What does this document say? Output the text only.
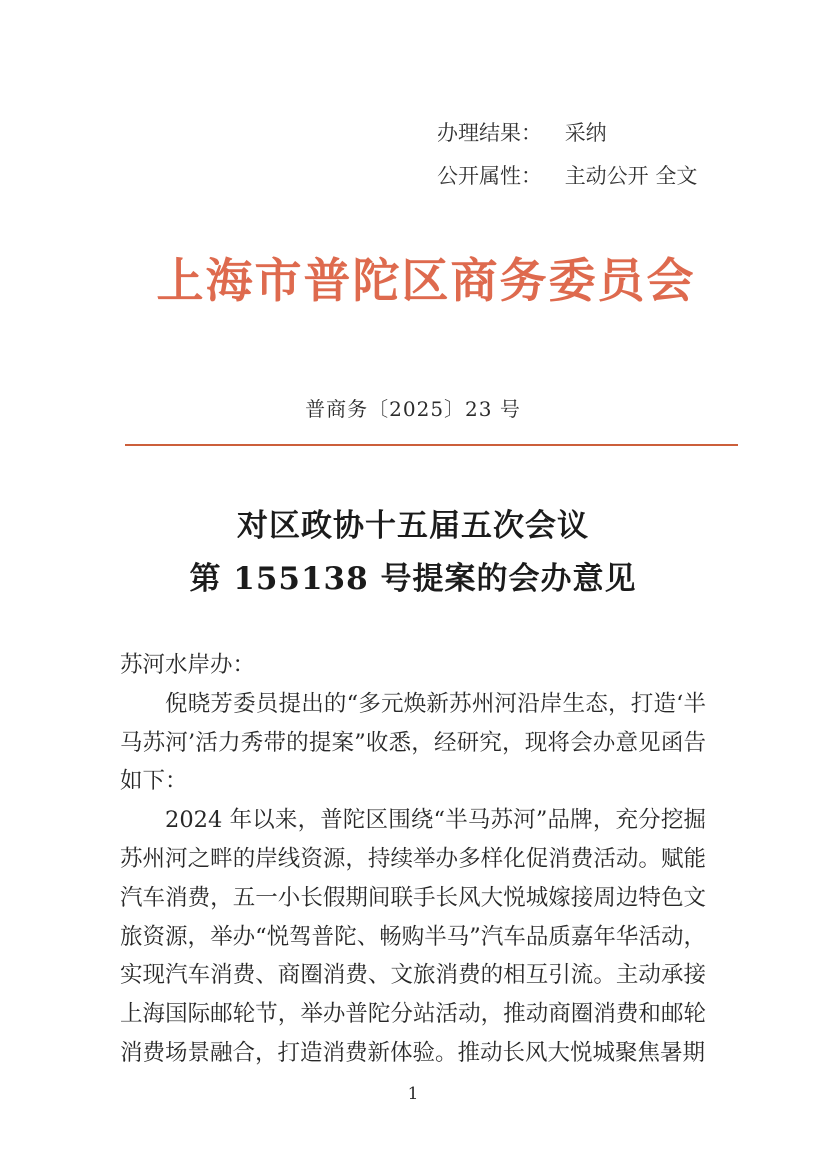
办理结果： 采纳
公开属性： 主动公开 全文
上海市普陀区商务委员会
普商务〔2025〕23 号
对区政协十五届五次会议
第 155138 号提案的会办意见

苏河水岸办：

倪晓芳委员提出的“多元焕新苏州河沿岸生态，打造‘半马苏河’活力秀带的提案”收悉，经研究，现将会办意见函告如下：

2024 年以来，普陀区围绕“半马苏河”品牌，充分挖掘苏州河之畔的岸线资源，持续举办多样化促消费活动。赋能汽车消费，五一小长假期间联手长风大悦城嫁接周边特色文旅资源，举办“悦驾普陀、畅购半马”汽车品质嘉年华活动，实现汽车消费、商圈消费、文旅消费的相互引流。主动承接上海国际邮轮节，举办普陀分站活动，推动商圈消费和邮轮消费场景融合，打造消费新体验。推动长风大悦城聚焦暑期

1
